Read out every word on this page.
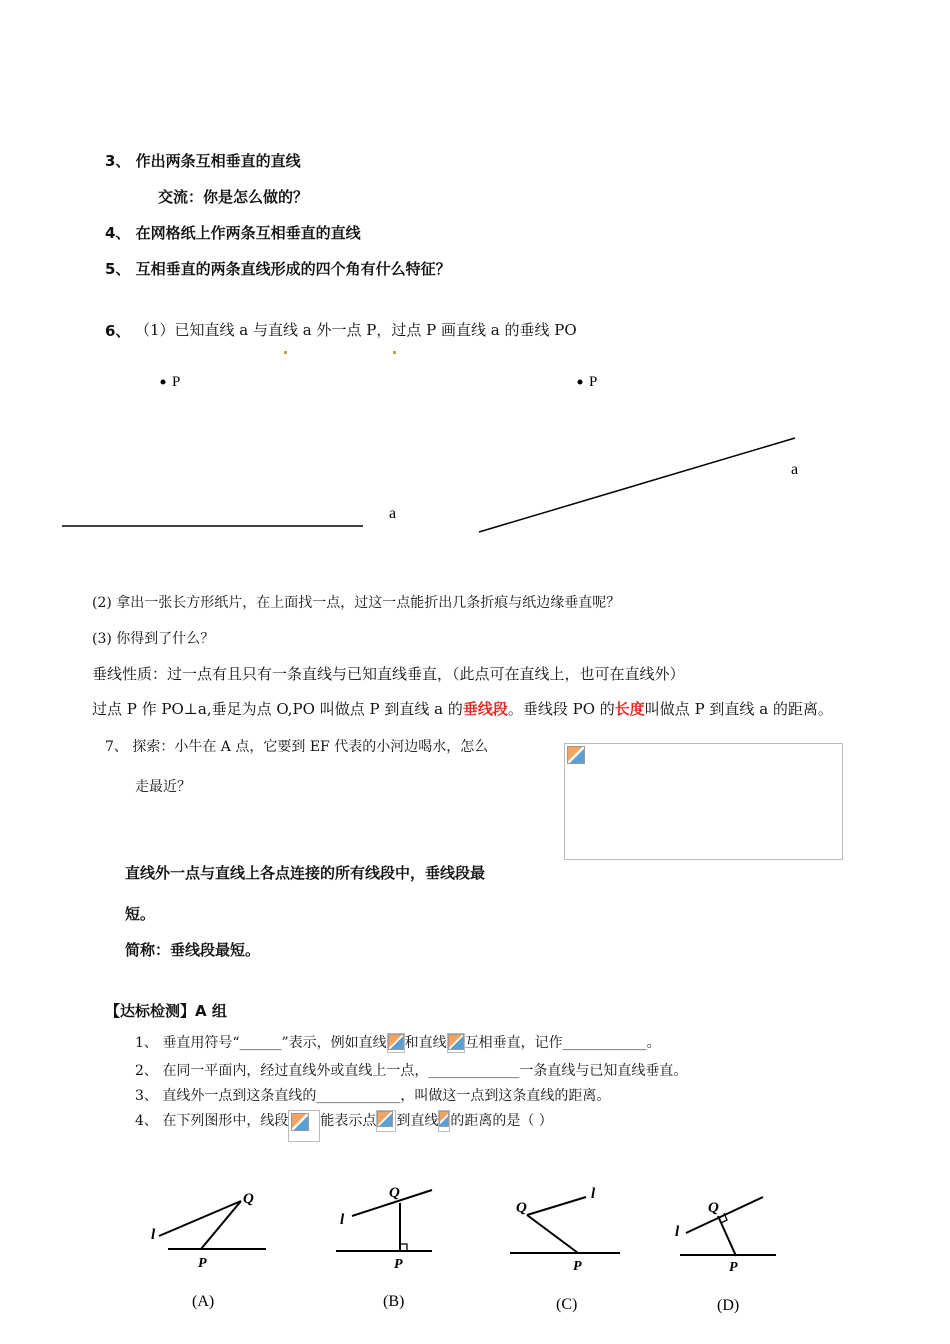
3、 作出两条互相垂直的直线
交流：你是怎么做的？
4、 在网格纸上作两条互相垂直的直线
5、 互相垂直的两条直线形成的四个角有什么特征？
6、 （1）已知直线 a 与直线 a 外一点 P，过点 P 画直线 a 的垂线 PO
P
a
P
a
(2) 拿出一张长方形纸片，在上面找一点，过这一点能折出几条折痕与纸边缘垂直呢？
(3) 你得到了什么？
垂线性质：过一点有且只有一条直线与已知直线垂直，（此点可在直线上，也可在直线外）
过点 P 作 PO⊥a,垂足为点 O,PO 叫做点 P 到直线 a 的垂线段。垂线段 PO 的长度叫做点 P 到直线 a 的距离。
7、 探索：小牛在 A 点，它要到 EF 代表的小河边喝水，怎么
走最近？
直线外一点与直线上各点连接的所有线段中，垂线段最
短。
简称：垂线段最短。
【达标检测】A 组
1、 垂直用符号“______”表示，例如直线 和直线 互相垂直，记作____________。
2、 在同一平面内，经过直线外或直线上一点，_____________一条直线与已知直线垂直。
3、 直线外一点到这条直线的____________，叫做这一点到这条直线的距离。
4、 在下列图形中，线段 能表示点 到直线 的距离的是（ ）
Q
l
P
(A)
Q
l
P
(B)
Q
l
P
(C)
Q
l
P
(D)
